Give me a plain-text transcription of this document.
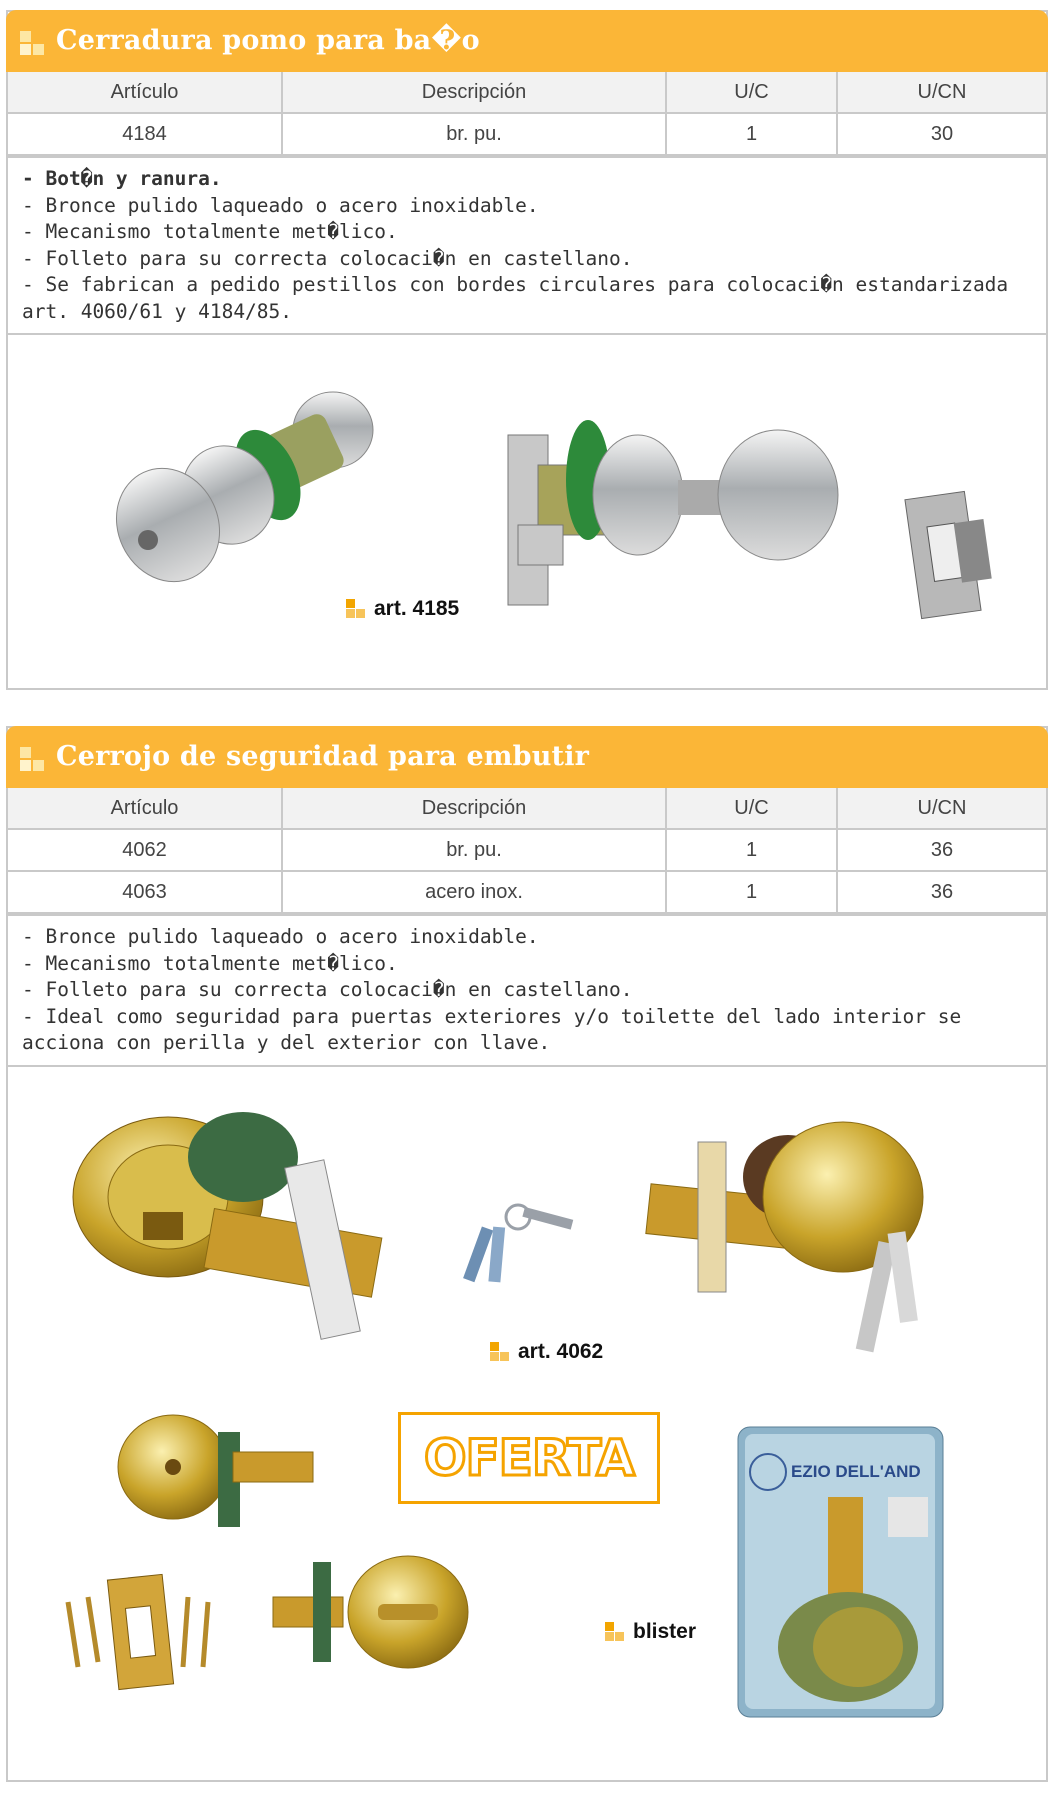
Cerradura pomo para ba�o
Artículo	Descripción	U/C	U/CN
4184	br. pu.	1	30
- Bot�n y ranura.
- Bronce pulido laqueado o acero inoxidable.
- Mecanismo totalmente met�lico.
- Folleto para su correcta colocaci�n en castellano.
- Se fabrican a pedido pestillos con bordes circulares para colocaci�n estandarizada art. 4060/61 y 4184/85.
art. 4185
Cerrojo de seguridad para embutir
Artículo	Descripción	U/C	U/CN
4062	br. pu.	1	36
4063	acero inox.	1	36
- Bronce pulido laqueado o acero inoxidable.
- Mecanismo totalmente met�lico.
- Folleto para su correcta colocaci�n en castellano.
- Ideal como seguridad para puertas exteriores y/o toilette del lado interior se acciona con perilla y del exterior con llave.
art. 4062
OFERTA	EZIO DELL'AND
blister
